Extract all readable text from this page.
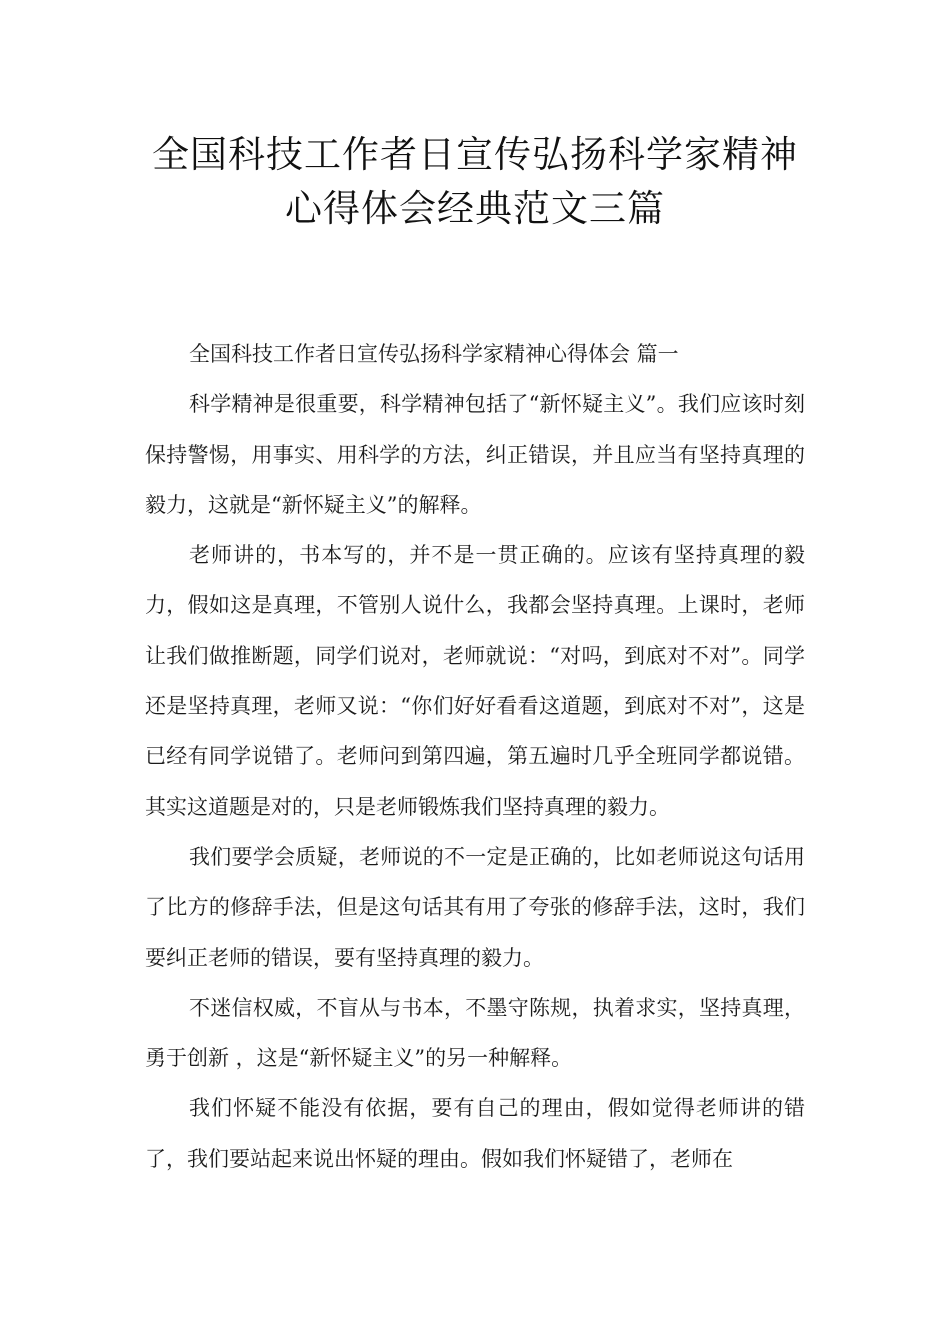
全国科技工作者日宣传弘扬科学家精神
心得体会经典范文三篇

全国科技工作者日宣传弘扬科学家精神心得体会 篇一

科学精神是很重要，科学精神包括了“新怀疑主义”。我们应该时刻保持警惕，用事实、用科学的方法，纠正错误，并且应当有坚持真理的毅力，这就是“新怀疑主义”的解释。

老师讲的，书本写的，并不是一贯正确的。应该有坚持真理的毅力，假如这是真理，不管别人说什么，我都会坚持真理。上课时，老师让我们做推断题，同学们说对，老师就说：“对吗，到底对不对”。同学还是坚持真理，老师又说：“你们好好看看这道题，到底对不对”，这是已经有同学说错了。老师问到第四遍，第五遍时几乎全班同学都说错。其实这道题是对的，只是老师锻炼我们坚持真理的毅力。

我们要学会质疑，老师说的不一定是正确的，比如老师说这句话用了比方的修辞手法，但是这句话其有用了夸张的修辞手法，这时，我们要纠正老师的错误，要有坚持真理的毅力。

不迷信权威，不盲从与书本，不墨守陈规，执着求实，坚持真理，勇于创新 ，这是“新怀疑主义”的另一种解释。

我们怀疑不能没有依据，要有自己的理由，假如觉得老师讲的错了，我们要站起来说出怀疑的理由。假如我们怀疑错了，老师在
